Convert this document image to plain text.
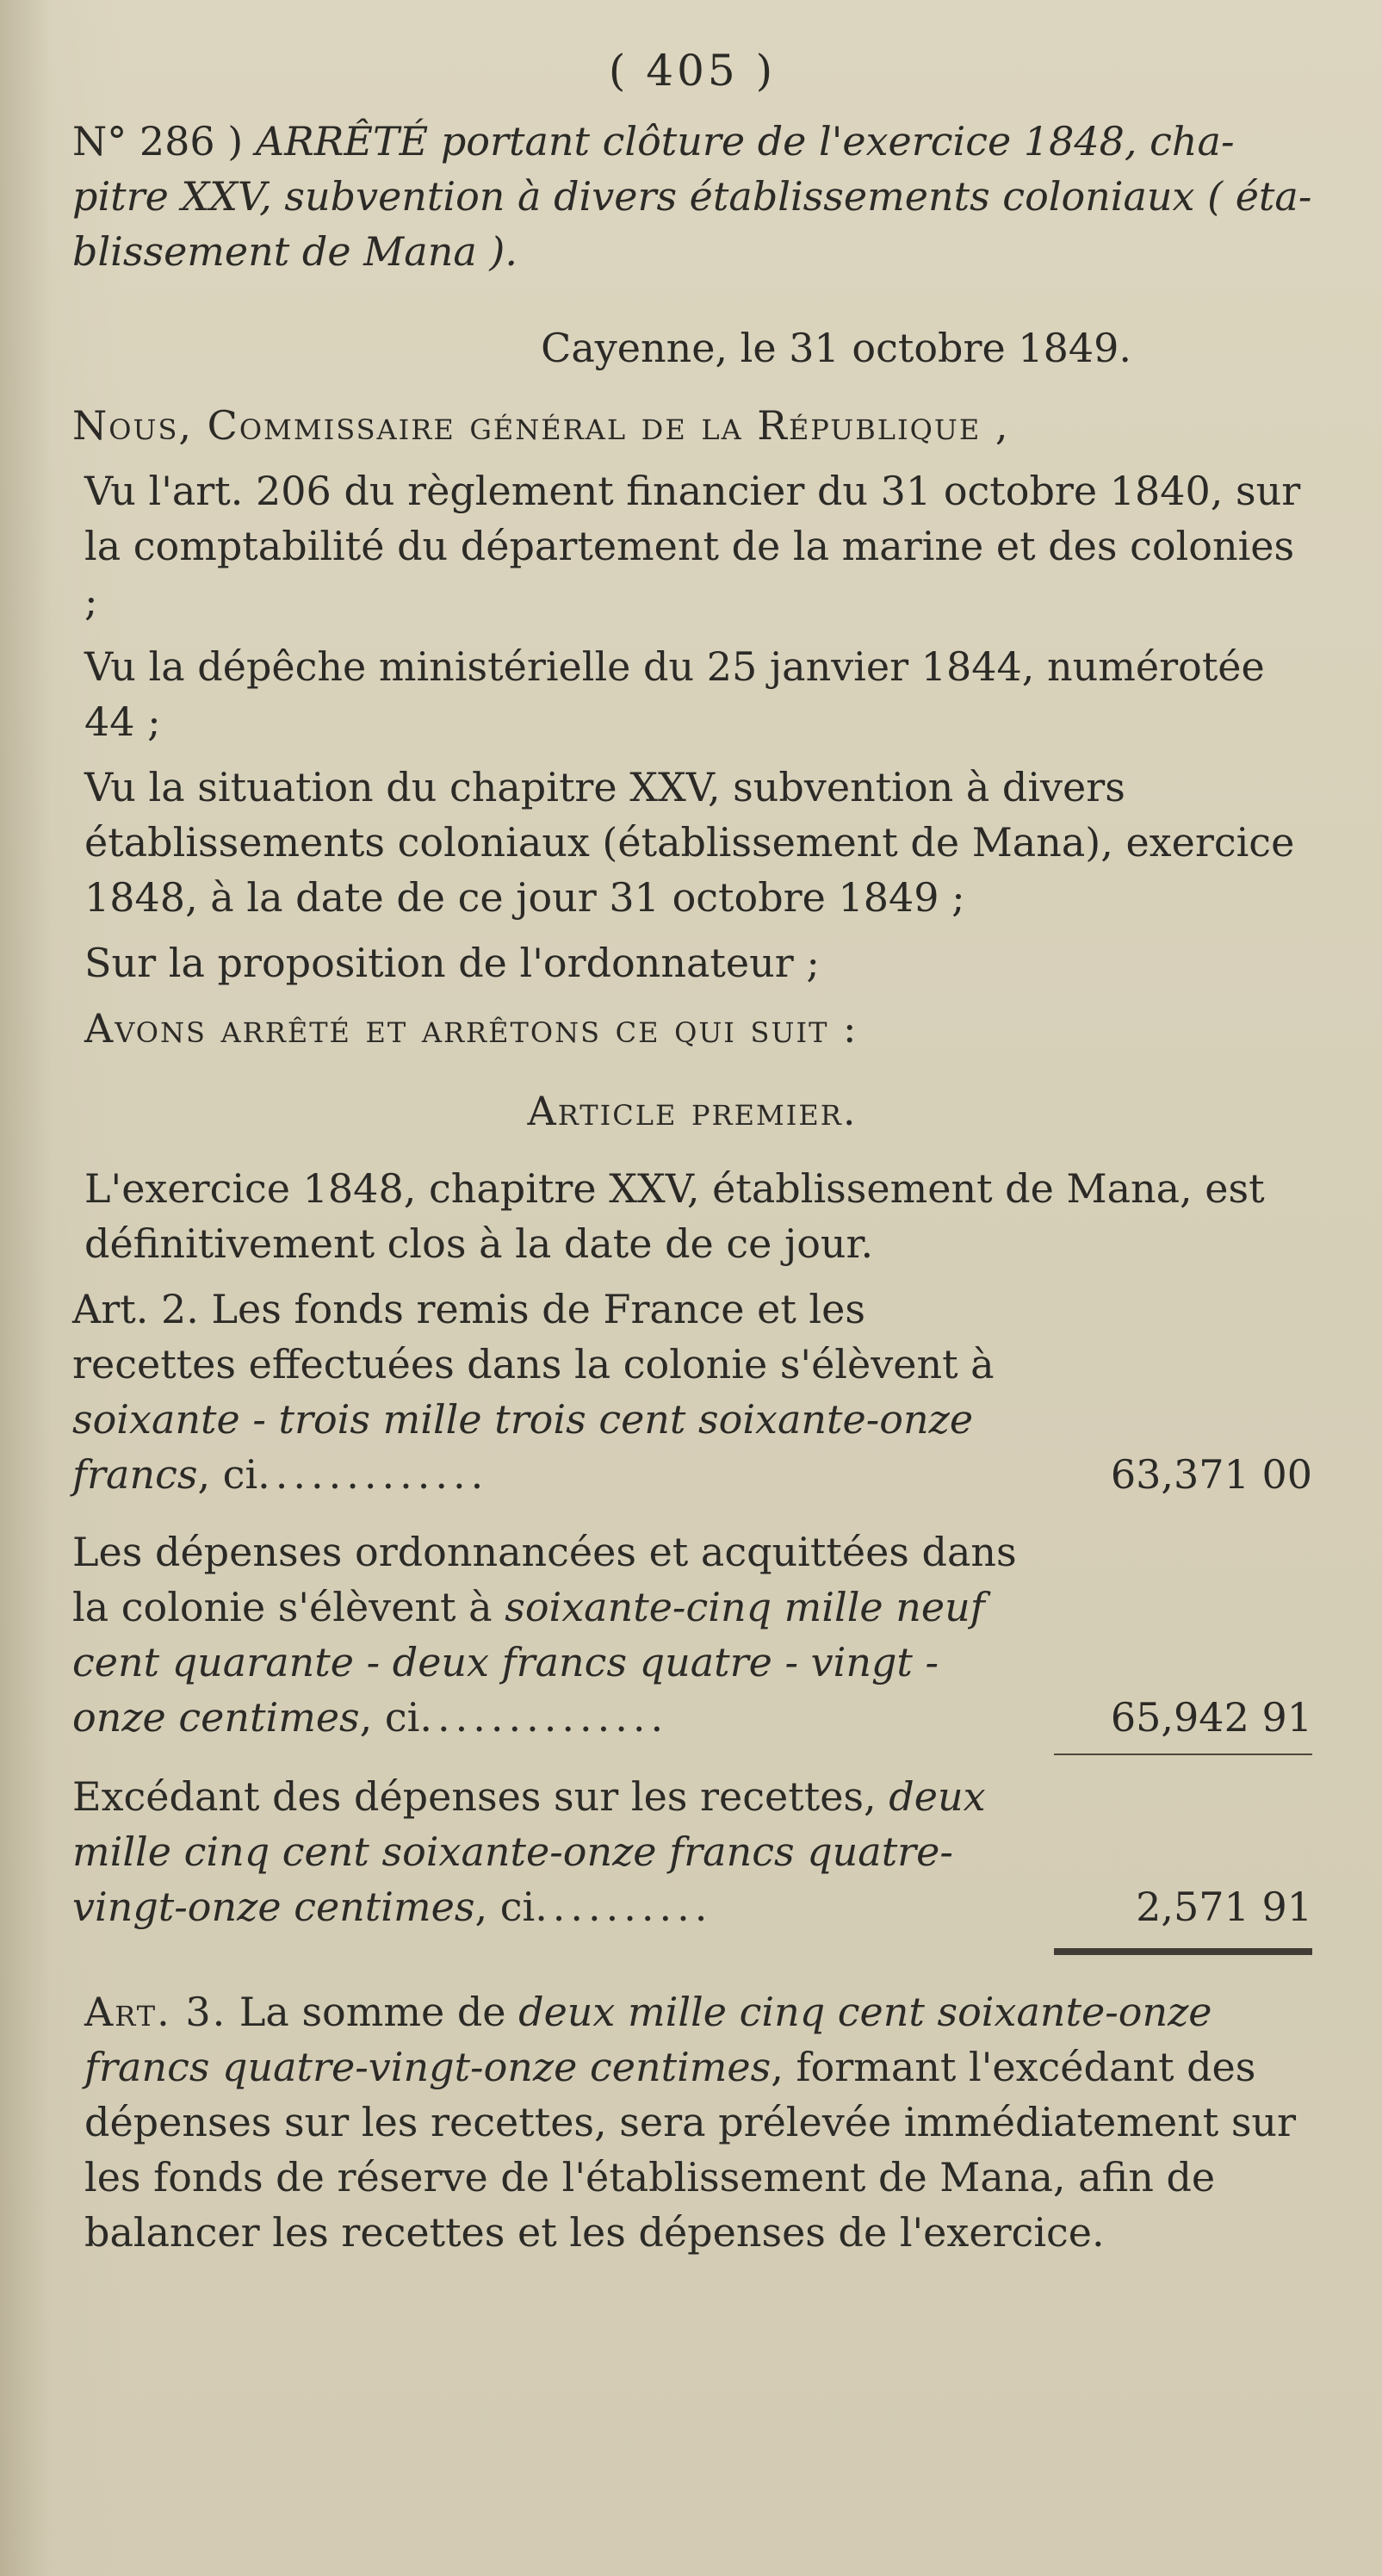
( 405 )
N° 286 ) ARRÊTÉ portant clôture de l'exercice 1848, cha-
pitre XXV, subvention à divers établissements coloniaux ( éta-
blissement de Mana ).
Cayenne, le 31 octobre 1849.

Nous, Commissaire général de la République ,

Vu l'art. 206 du règlement financier du 31 octobre 1840, sur la comptabilité du département de la marine et des colonies ;

Vu la dépêche ministérielle du 25 janvier 1844, numérotée 44 ;

Vu la situation du chapitre XXV, subvention à divers établissements coloniaux (établissement de Mana), exercice 1848, à la date de ce jour 31 octobre 1849 ;

Sur la proposition de l'ordonnateur ;

Avons arrêté et arrêtons ce qui suit :

Article premier.

L'exercice 1848, chapitre XXV, établissement de Mana, est définitivement clos à la date de ce jour.

Art. 2. Les fonds remis de France et les recettes effectuées dans la colonie s'élèvent à soixante - trois mille trois cent soixante-onze francs, ci.............	63,371 00
Les dépenses ordonnancées et acquittées dans la colonie s'élèvent à soixante-cinq mille neuf cent quarante - deux francs quatre - vingt - onze centimes, ci..............	65,942 91
Excédant des dépenses sur les recettes, deux mille cinq cent soixante-onze francs quatre-vingt-onze centimes, ci..........	2,571 91

Art. 3. La somme de deux mille cinq cent soixante-onze francs quatre-vingt-onze centimes, formant l'excédant des dépenses sur les recettes, sera prélevée immédiatement sur les fonds de réserve de l'établissement de Mana, afin de balancer les recettes et les dépenses de l'exercice.
